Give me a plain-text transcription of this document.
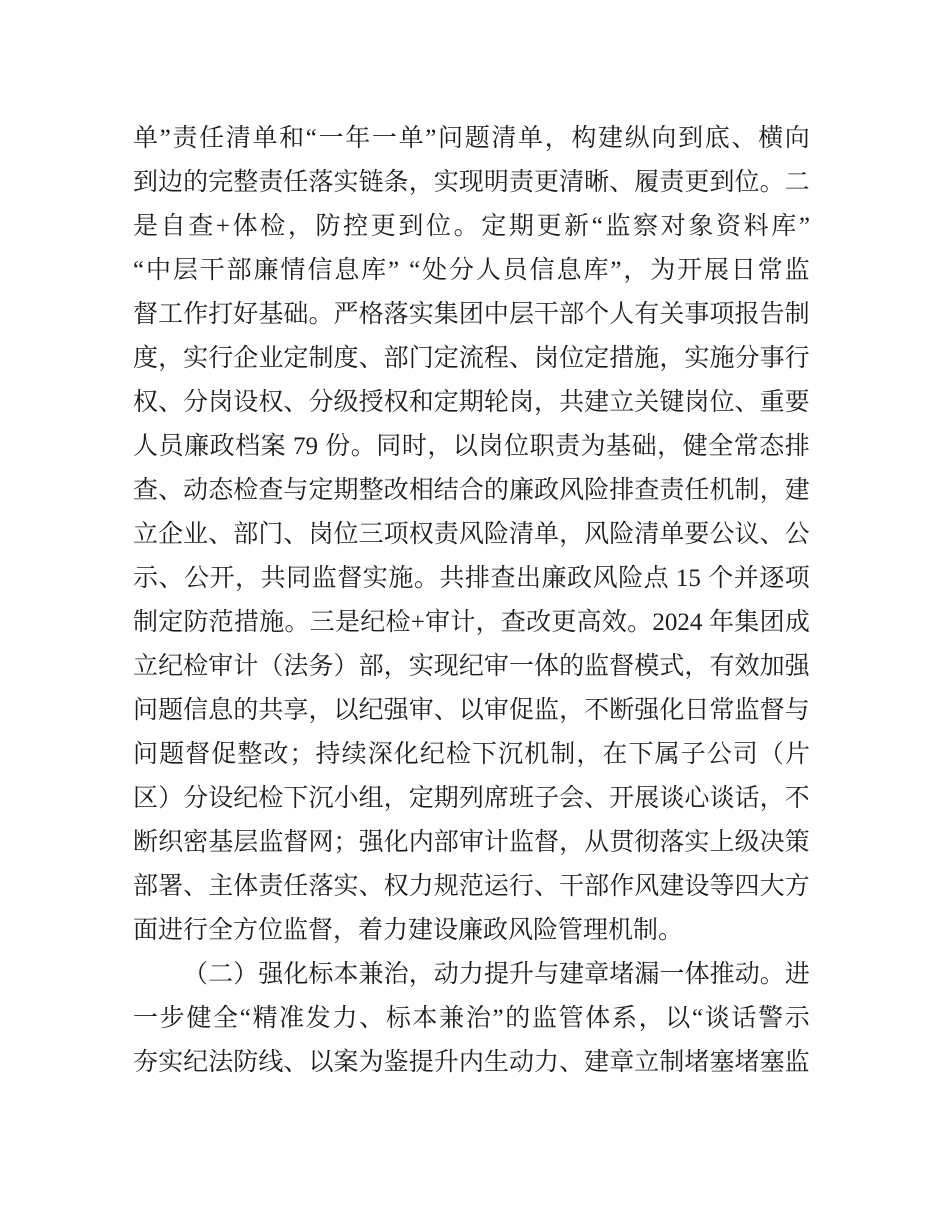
单 ” 责 任 清 单 和 “ 一 年 一 单 ” 问 题 清 单 ， 构 建 纵 向 到 底 、 横 向
到 边 的 完 整 责 任 落 实 链 条 ， 实 现 明 责 更 清 晰 、 履 责 更 到 位 。 二
是 自 查 + 体 检 ， 防 控 更 到 位 。 定 期 更 新 “ 监 察 对 象 资 料 库 ”
“ 中 层 干 部 廉 情 信 息 库 ”
“ 处 分 人 员 信 息 库 ” ， 为 开 展 日 常 监
督 工 作 打 好 基 础 。 严 格 落 实 集 团 中 层 干 部 个 人 有 关 事 项 报 告 制
度 ， 实 行 企 业 定 制 度 、 部 门 定 流 程 、 岗 位 定 措 施 ， 实 施 分 事 行
权 、 分 岗 设 权 、 分 级 授 权 和 定 期 轮 岗 ， 共 建 立 关 键 岗 位 、 重 要
人 员 廉 政 档 案
79
份 。 同 时 ， 以 岗 位 职 责 为 基 础 ， 健 全 常 态 排
查 、 动 态 检 查 与 定 期 整 改 相 结 合 的 廉 政 风 险 排 查 责 任 机 制 ， 建
立 企 业 、 部 门 、 岗 位 三 项 权 责 风 险 清 单 ， 风 险 清 单 要 公 议 、 公
示 、 公 开 ， 共 同 监 督 实 施 。 共 排 查 出 廉 政 风 险 点
15
个 并 逐 项
制 定 防 范 措 施 。 三 是 纪 检 + 审 计 ， 查 改 更 高 效 。 2024
年 集 团 成
立 纪 检 审 计 （ 法 务 ） 部 ， 实 现 纪 审 一 体 的 监 督 模 式 ， 有 效 加 强
问 题 信 息 的 共 享 ， 以 纪 强 审 、 以 审 促 监 ， 不 断 强 化 日 常 监 督 与
问 题 督 促 整 改 ； 持 续 深 化 纪 检 下 沉 机 制 ， 在 下 属 子 公 司 （ 片
区 ） 分 设 纪 检 下 沉 小 组 ， 定 期 列 席 班 子 会 、 开 展 谈 心 谈 话 ， 不
断 织 密 基 层 监 督 网 ； 强 化 内 部 审 计 监 督 ， 从 贯 彻 落 实 上 级 决 策
部 署 、 主 体 责 任 落 实 、 权 力 规 范 运 行 、 干 部 作 风 建 设 等 四 大 方
面进行全方位监督，着力建设廉政风险管理机制。
（ 二 ） 强 化 标 本 兼 治 ， 动 力 提 升 与 建 章 堵 漏 一 体 推 动 。 进
一 步 健 全 “ 精 准 发 力 、 标 本 兼 治 ” 的 监 管 体 系 ， 以 “ 谈 话 警 示
夯 实 纪 法 防 线 、 以 案 为 鉴 提 升 内 生 动 力 、 建 章 立 制 堵 塞 堵 塞 监
